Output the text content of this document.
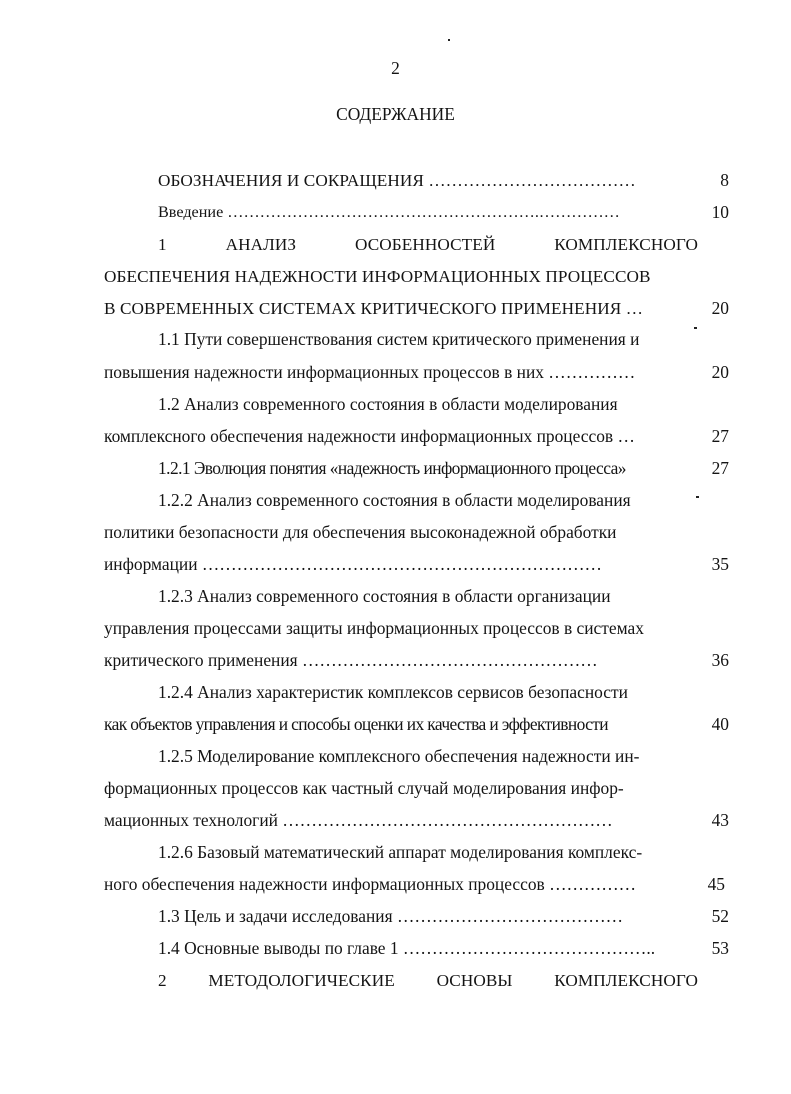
2
СОДЕРЖАНИЕ
ОБОЗНАЧЕНИЯ И СОКРАЩЕНИЯ ………………………………	8
Введение ………………………………………………….……………	10
1	АНАЛИЗ	ОСОБЕННОСТЕЙ	КОМПЛЕКСНОГО
ОБЕСПЕЧЕНИЯ НАДЕЖНОСТИ ИНФОРМАЦИОННЫХ ПРОЦЕССОВ
В СОВРЕМЕННЫХ СИСТЕМАХ КРИТИЧЕСКОГО ПРИМЕНЕНИЯ …	20
1.1 Пути совершенствования систем критического применения и
повышения надежности информационных процессов в них ……………	20
1.2 Анализ современного состояния в области моделирования
комплексного обеспечения надежности информационных процессов …	27
1.2.1 Эволюция понятия «надежность информационного процесса»	27
1.2.2 Анализ современного состояния в области моделирования
политики безопасности для обеспечения высоконадежной обработки
информации ……………………………………………………………	35
1.2.3 Анализ современного состояния в области организации
управления процессами защиты информационных процессов в системах
критического применения ……………………………………………	36
1.2.4 Анализ характеристик комплексов сервисов безопасности
как объектов управления и способы оценки их качества и эффективности	40
1.2.5 Моделирование комплексного обеспечения надежности ин-
формационных процессов как частный случай моделирования инфор-
мационных технологий …………………………………………………	43
1.2.6 Базовый математический аппарат моделирования комплекс-
ного обеспечения надежности информационных процессов ……………	45
1.3 Цель и задачи исследования …………………………………	52
1.4 Основные выводы по главе 1 ……………………………………..	53
2 МЕТОДОЛОГИЧЕСКИЕ ОСНОВЫ КОМПЛЕКСНОГО
